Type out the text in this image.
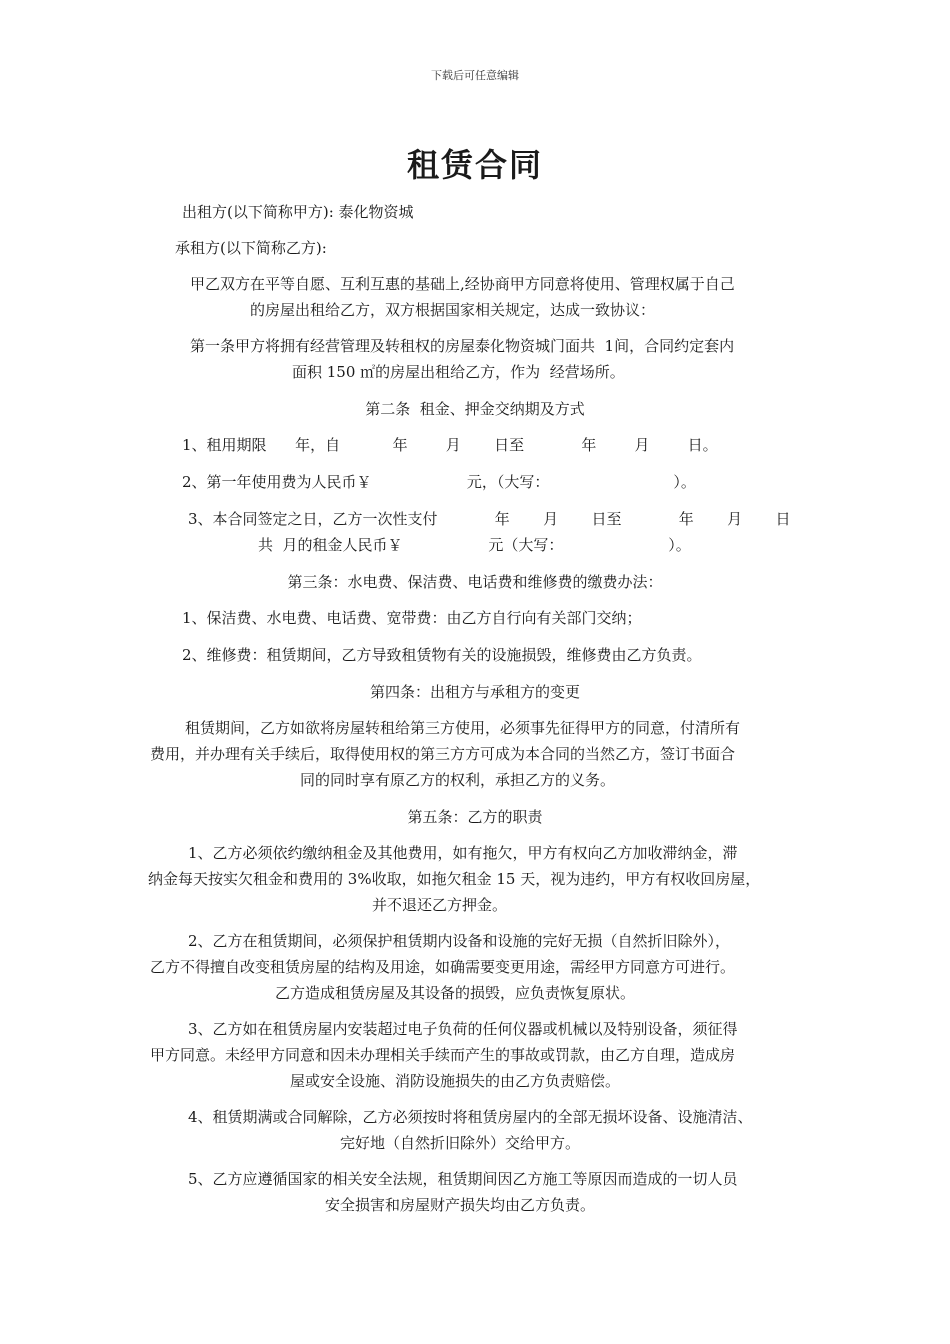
下载后可任意编辑
租赁合同
出租方(以下简称甲方): 泰化物资城
承租方(以下简称乙方):
甲乙双方在平等自愿、互利互惠的基础上,经协商甲方同意将使用、管理权属于自己
的房屋出租给乙方，双方根据国家相关规定，达成一致协议：
第一条甲方将拥有经营管理及转租权的房屋泰化物资城门面共  1间，合同约定套内
面积 150 ㎡的房屋出租给乙方，作为  经营场所。
第二条  租金、押金交纳期及方式
1、租用期限      年，自           年        月       日至            年        月        日。
2、第一年使用费为人民币￥                    元，（大写：                          ）。
3、本合同签定之日，乙方一次性支付            年       月       日至            年       月       日
共  月的租金人民币￥                  元（大写：                      ）。
第三条：水电费、保洁费、电话费和维修费的缴费办法：
1、保洁费、水电费、电话费、宽带费：由乙方自行向有关部门交纳；
2、维修费：租赁期间，乙方导致租赁物有关的设施损毁，维修费由乙方负责。
第四条：出租方与承租方的变更
租赁期间，乙方如欲将房屋转租给第三方使用，必须事先征得甲方的同意，付清所有
费用，并办理有关手续后，取得使用权的第三方方可成为本合同的当然乙方，签订书面合
同的同时享有原乙方的权利，承担乙方的义务。
第五条：乙方的职责
1、乙方必须依约缴纳租金及其他费用，如有拖欠，甲方有权向乙方加收滞纳金，滞
纳金每天按实欠租金和费用的 3%收取，如拖欠租金 15 天，视为违约，甲方有权收回房屋，
并不退还乙方押金。
2、乙方在租赁期间，必须保护租赁期内设备和设施的完好无损（自然折旧除外），
乙方不得擅自改变租赁房屋的结构及用途，如确需要变更用途，需经甲方同意方可进行。
乙方造成租赁房屋及其设备的损毁，应负责恢复原状。
3、乙方如在租赁房屋内安装超过电子负荷的任何仪器或机械以及特别设备，须征得
甲方同意。未经甲方同意和因未办理相关手续而产生的事故或罚款，由乙方自理，造成房
屋或安全设施、消防设施损失的由乙方负责赔偿。
4、租赁期满或合同解除，乙方必须按时将租赁房屋内的全部无损坏设备、设施清洁、
完好地（自然折旧除外）交给甲方。
5、乙方应遵循国家的相关安全法规，租赁期间因乙方施工等原因而造成的一切人员
安全损害和房屋财产损失均由乙方负责。
